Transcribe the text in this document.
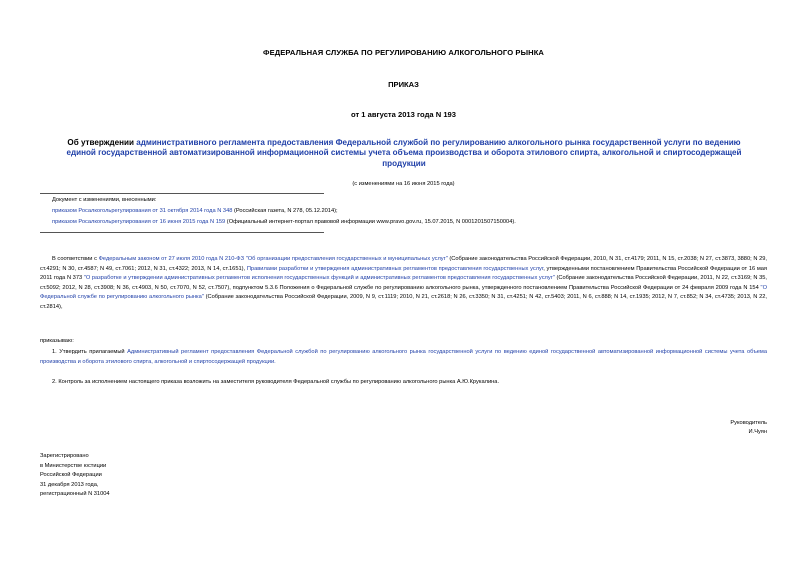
ФЕДЕРАЛЬНАЯ СЛУЖБА ПО РЕГУЛИРОВАНИЮ АЛКОГОЛЬНОГО РЫНКА
ПРИКАЗ
от 1 августа 2013 года N 193
Об утверждении административного регламента предоставления Федеральной службой по регулированию алкогольного рынка государственной услуги по ведению единой государственной автоматизированной информационной системы учета объема производства и оборота этилового спирта, алкогольной и спиртосодержащей продукции
(с изменениями на 16 июня 2015 года)
Документ с изменениями, внесенными:
приказом Росалкогольрегулирования от 31 октября 2014 года N 348 (Российская газета, N 278, 05.12.2014);
приказом Росалкогольрегулирования от 16 июня 2015 года N 159 (Официальный интернет-портал правовой информации www.pravo.gov.ru, 15.07.2015, N 0001201507150004).
В соответствии с Федеральным законом от 27 июля 2010 года N 210-ФЗ "Об организации предоставления государственных и муниципальных услуг" (Собрание законодательства Российской Федерации, 2010, N 31, ст.4179; 2011, N 15, ст.2038; N 27, ст.3873, 3880; N 29, ст.4291; N 30, ст.4587; N 49, ст.7061; 2012, N 31, ст.4322; 2013, N 14, ст.1651), Правилами разработки и утверждения административных регламентов предоставления государственных услуг, утвержденными постановлением Правительства Российской Федерации от 16 мая 2011 года N 373 "О разработке и утверждении административных регламентов исполнения государственных функций и административных регламентов предоставления государственных услуг" (Собрание законодательства Российской Федерации, 2011, N 22, ст.3169; N 35, ст.5092; 2012, N 28, ст.3908; N 36, ст.4903, N 50, ст.7070, N 52, ст.7507), подпунктом 5.3.6 Положения о Федеральной службе по регулированию алкогольного рынка, утвержденного постановлением Правительства Российской Федерации от 24 февраля 2009 года N 154 "О Федеральной службе по регулированию алкогольного рынка" (Собрание законодательства Российской Федерации, 2009, N 9, ст.1119; 2010, N 21, ст.2618; N 26, ст.3350; N 31, ст.4251; N 42, ст.5403; 2011, N 6, ст.888; N 14, ст.1935; 2012, N 7, ст.852; N 34, ст.4735; 2013, N 22, ст.2814),
приказываю:
1. Утвердить прилагаемый Административный регламент предоставления Федеральной службой по регулированию алкогольного рынка государственной услуги по ведению единой государственной автоматизированной информационной системы учета объема производства и оборота этилового спирта, алкогольной и спиртосодержащей продукции.
2. Контроль за исполнением настоящего приказа возложить на заместителя руководителя Федеральной службы по регулированию алкогольного рынка А.Ю.Крукалина.
Руководитель
И.Чуян
Зарегистрировано
в Министерстве юстиции
Российской Федерации
31 декабря 2013 года,
регистрационный N 31004
